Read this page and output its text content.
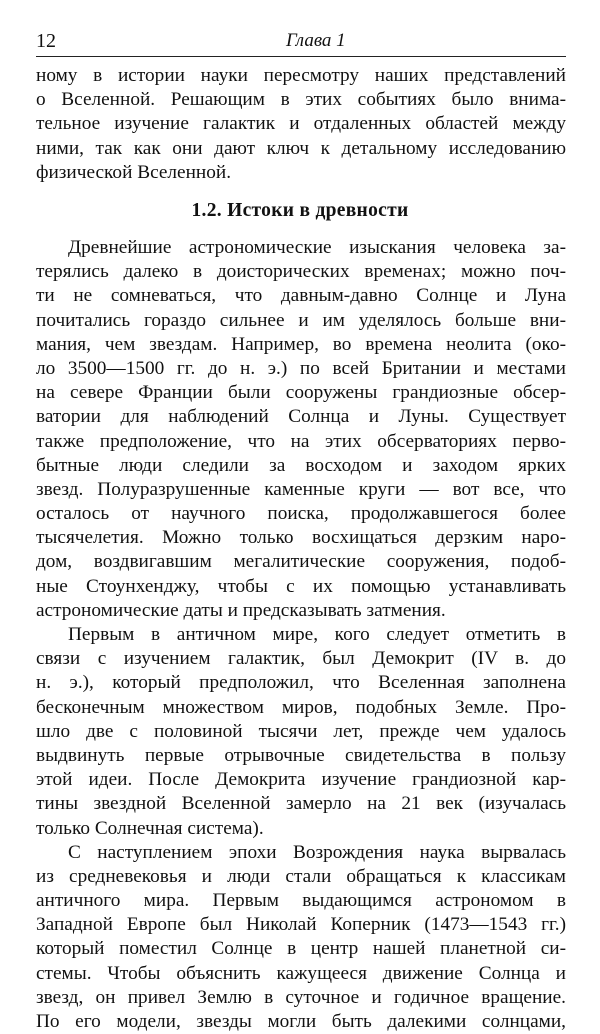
12	Глава 1
ному в истории науки пересмотру наших представлений
о Вселенной. Решающим в этих событиях было внима-
тельное изучение галактик и отдаленных областей между
ними, так как они дают ключ к детальному исследованию
физической Вселенной.
1.2. Истоки в древности
Древнейшие астрономические изыскания человека за-
терялись далеко в доисторических временах; можно поч-
ти не сомневаться, что давным-давно Солнце и Луна
почитались гораздо сильнее и им уделялось больше вни-
мания, чем звездам. Например, во времена неолита (око-
ло 3500—1500 гг. до н. э.) по всей Британии и местами
на севере Франции были сооружены грандиозные обсер-
ватории для наблюдений Солнца и Луны. Существует
также предположение, что на этих обсерваториях перво-
бытные люди следили за восходом и заходом ярких
звезд. Полуразрушенные каменные круги — вот все, что
осталось от научного поиска, продолжавшегося более
тысячелетия. Можно только восхищаться дерзким наро-
дом, воздвигавшим мегалитические сооружения, подоб-
ные Стоунхенджу, чтобы с их помощью устанавливать
астрономические даты и предсказывать затмения.
Первым в античном мире, кого следует отметить в
связи с изучением галактик, был Демокрит (IV в. до
н. э.), который предположил, что Вселенная заполнена
бесконечным множеством миров, подобных Земле. Про-
шло две с половиной тысячи лет, прежде чем удалось
выдвинуть первые отрывочные свидетельства в пользу
этой идеи. После Демокрита изучение грандиозной кар-
тины звездной Вселенной замерло на 21 век (изучалась
только Солнечная система).
С наступлением эпохи Возрождения наука вырвалась
из средневековья и люди стали обращаться к классикам
античного мира. Первым выдающимся астрономом в
Западной Европе был Николай Коперник (1473—1543 гг.)
который поместил Солнце в центр нашей планетной си-
стемы. Чтобы объяснить кажущееся движение Солнца и
звезд, он привел Землю в суточное и годичное вращение.
По его модели, звезды могли быть далекими солнцами,
